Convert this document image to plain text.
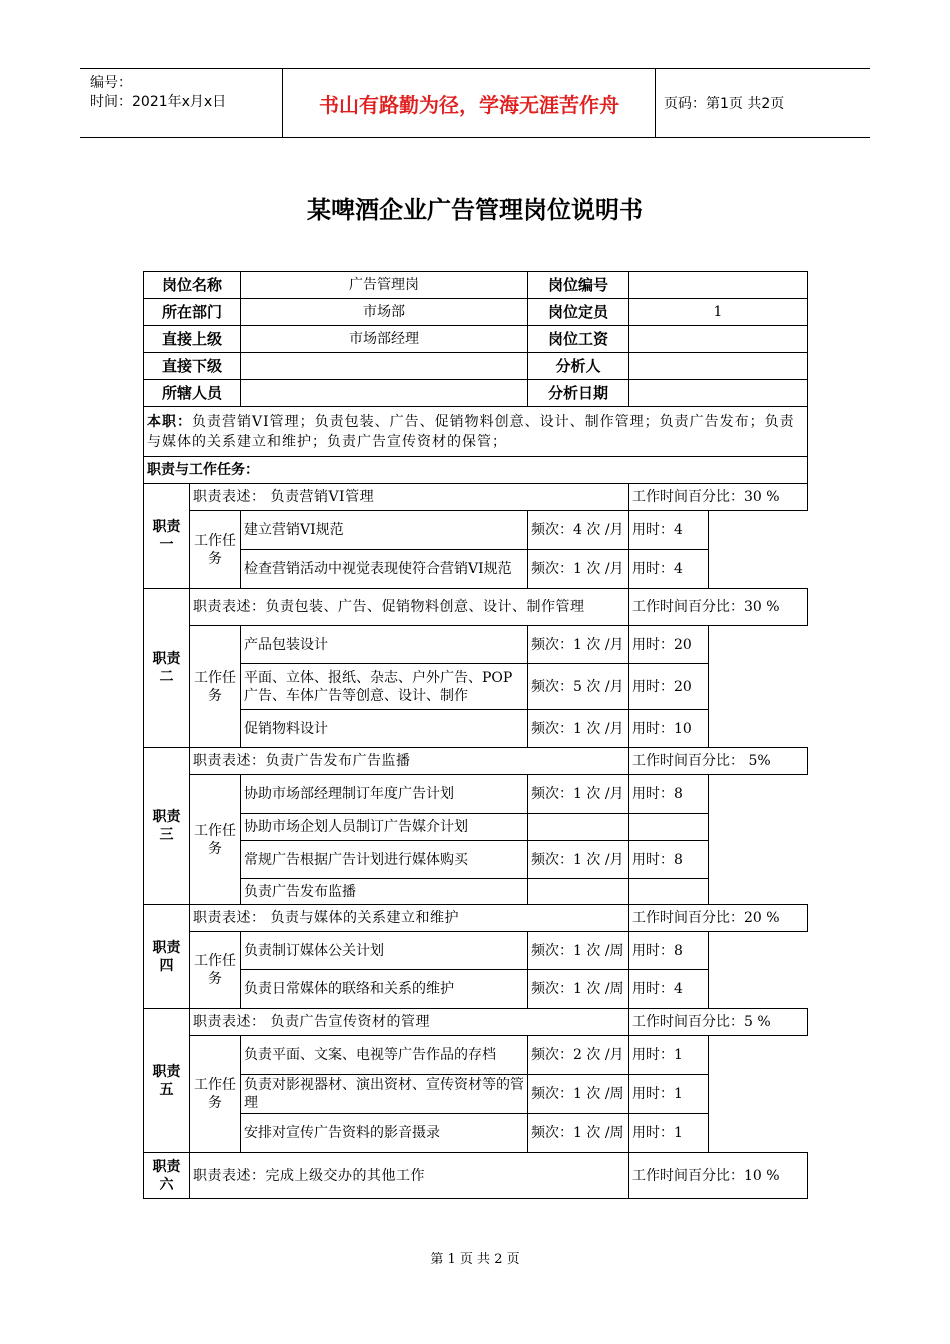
编号：
时间：2021年x月x日	书山有路勤为径，学海无涯苦作舟	页码：第1页 共2页
某啤酒企业广告管理岗位说明书
岗位名称		广告管理岗	岗位编号	
所在部门		市场部	岗位定员	1
直接上级		市场部经理	岗位工资	
直接下级			分析人	
所辖人员			分析日期	
本职：负责营销VI管理；负责包装、广告、促销物料创意、设计、制作管理；负责广告发布；负责与媒体的关系建立和维护；负责广告宣传资材的保管；				
职责与工作任务：				
职责一	职责表述： 负责营销VI管理			工作时间百分比：30 %
	工作任务	建立营销VI规范	频次：4 次 /月	用时：4
		检查营销活动中视觉表现使符合营销VI规范	频次：1 次 /月	用时：4
职责二	职责表述：负责包装、广告、促销物料创意、设计、制作管理			工作时间百分比：30 %
	工作任务	产品包装设计	频次：1 次 /月	用时：20
		平面、立体、报纸、杂志、户外广告、POP广告、车体广告等创意、设计、制作	频次：5 次 /月	用时：20
		促销物料设计	频次：1 次 /月	用时：10
职责三	职责表述：负责广告发布广告监播			工作时间百分比： 5%
	工作任务	协助市场部经理制订年度广告计划	频次：1 次 /月	用时：8
		协助市场企划人员制订广告媒介计划		
		常规广告根据广告计划进行媒体购买	频次：1 次 /月	用时：8
		负责广告发布监播		
职责四	职责表述： 负责与媒体的关系建立和维护			工作时间百分比：20 %
	工作任务	负责制订媒体公关计划	频次：1 次 /周	用时：8
		负责日常媒体的联络和关系的维护	频次：1 次 /周	用时：4
职责五	职责表述： 负责广告宣传资材的管理			工作时间百分比：5 %
	工作任务	负责平面、文案、电视等广告作品的存档	频次：2 次 /月	用时：1
		负责对影视器材、演出资材、宣传资材等的管理	频次：1 次 /周	用时：1
		安排对宣传广告资料的影音摄录	频次：1 次 /周	用时：1
职责六	职责表述：完成上级交办的其他工作			工作时间百分比：10 %
第 1 页 共 2 页
